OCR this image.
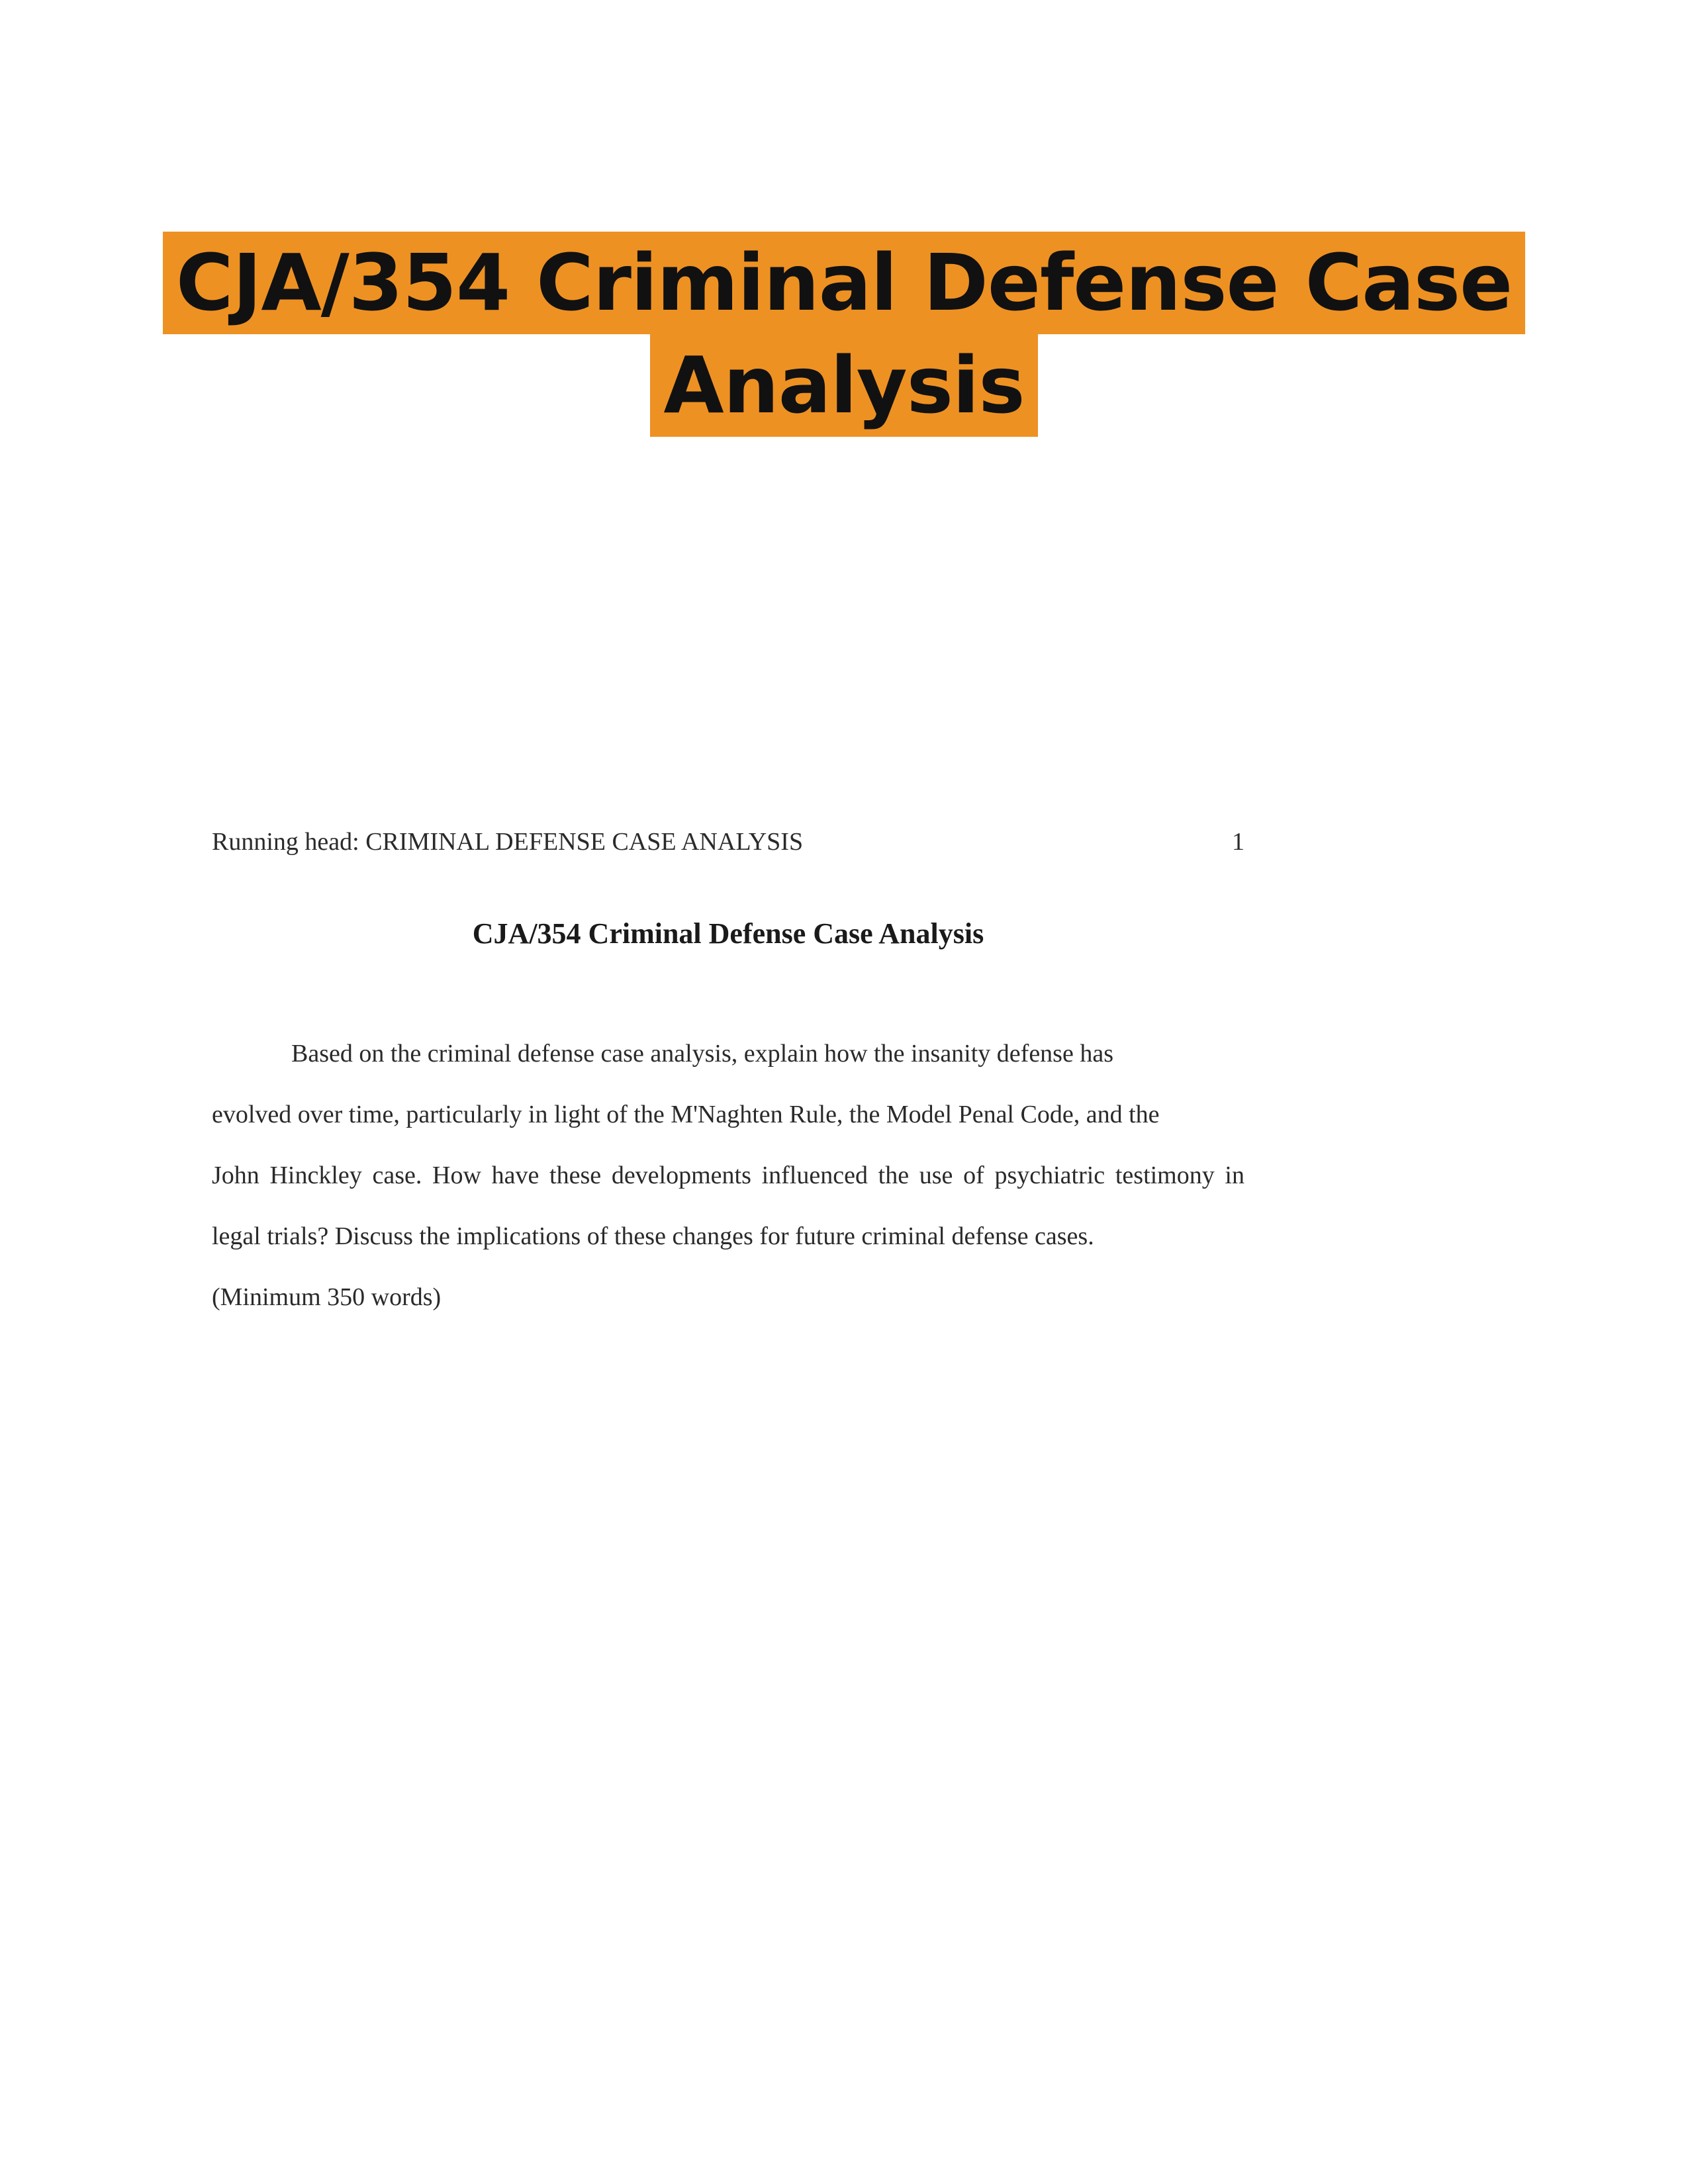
CJA/354 Criminal Defense Case
Analysis
Running head: CRIMINAL DEFENSE CASE ANALYSIS	1
CJA/354 Criminal Defense Case Analysis
Based on the criminal defense case analysis, explain how the insanity defense has
evolved over time, particularly in light of the M'Naghten Rule, the Model Penal Code, and the
John Hinckley case. How have these developments influenced the use of psychiatric testimony in
legal trials? Discuss the implications of these changes for future criminal defense cases.
(Minimum 350 words)
